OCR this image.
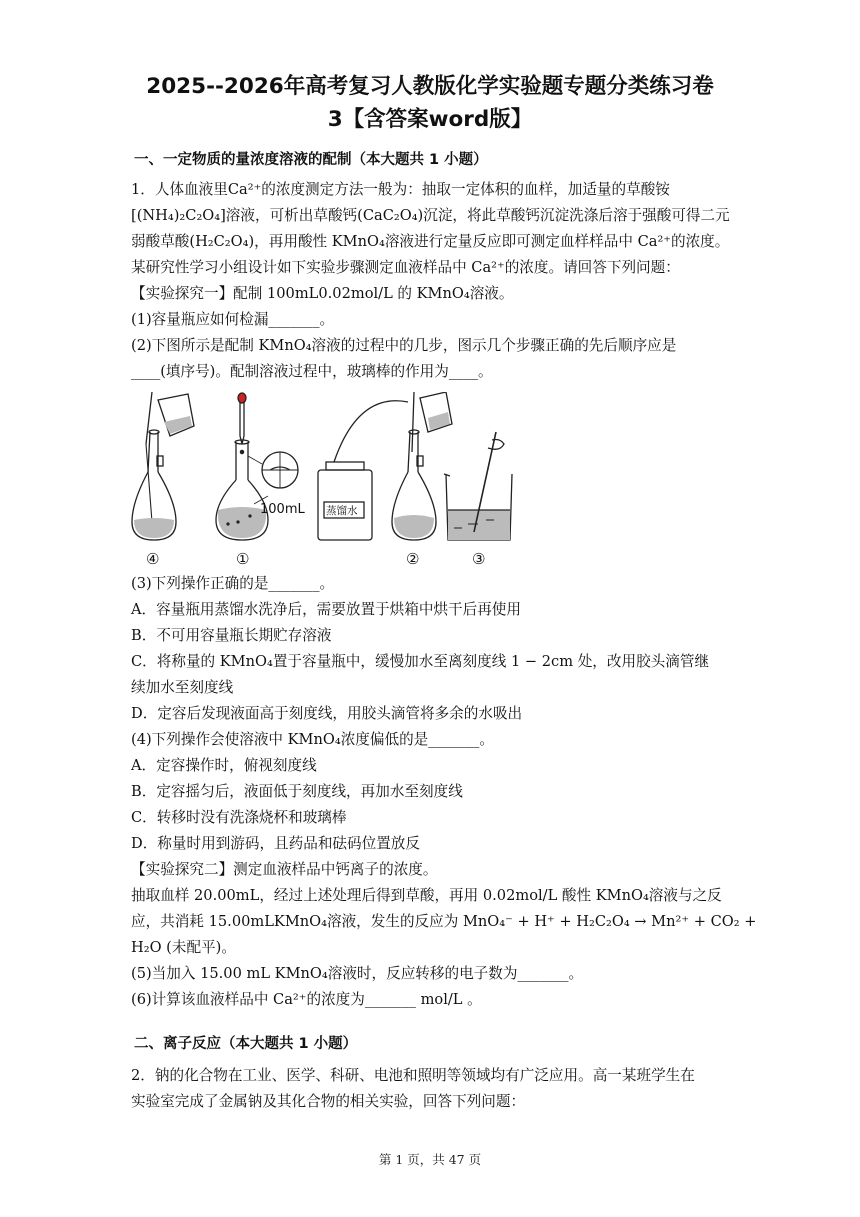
2025--2026年高考复习人教版化学实验题专题分类练习卷
3【含答案word版】
一、一定物质的量浓度溶液的配制（本大题共 1 小题）
1．人体血液里Ca²⁺的浓度测定方法一般为：抽取一定体积的血样，加适量的草酸铵
[(NH₄)₂C₂O₄]溶液，可析出草酸钙(CaC₂O₄)沉淀，将此草酸钙沉淀洗涤后溶于强酸可得二元
弱酸草酸(H₂C₂O₄)，再用酸性 KMnO₄溶液进行定量反应即可测定血样样品中 Ca²⁺的浓度。
某研究性学习小组设计如下实验步骤测定血液样品中 Ca²⁺的浓度。请回答下列问题：
【实验探究一】配制 100mL0.02mol/L 的 KMnO₄溶液。
(1)容量瓶应如何检漏_______。
(2)下图所示是配制 KMnO₄溶液的过程中的几步，图示几个步骤正确的先后顺序应是
____(填序号)。配制溶液过程中，玻璃棒的作用为____。
100mL 蒸馏水
④	①	②	③
(3)下列操作正确的是_______。
A．容量瓶用蒸馏水洗净后，需要放置于烘箱中烘干后再使用
B．不可用容量瓶长期贮存溶液
C．将称量的 KMnO₄置于容量瓶中，缓慢加水至离刻度线 1 − 2cm 处，改用胶头滴管继
续加水至刻度线
D．定容后发现液面高于刻度线，用胶头滴管将多余的水吸出
(4)下列操作会使溶液中 KMnO₄浓度偏低的是_______。
A．定容操作时，俯视刻度线
B．定容摇匀后，液面低于刻度线，再加水至刻度线
C．转移时没有洗涤烧杯和玻璃棒
D．称量时用到游码，且药品和砝码位置放反
【实验探究二】测定血液样品中钙离子的浓度。
抽取血样 20.00mL，经过上述处理后得到草酸，再用 0.02mol/L 酸性 KMnO₄溶液与之反
应，共消耗 15.00mLKMnO₄溶液，发生的反应为 MnO₄⁻ + H⁺ + H₂C₂O₄ → Mn²⁺ + CO₂ +
H₂O (未配平)。
(5)当加入 15.00 mL KMnO₄溶液时，反应转移的电子数为_______。
(6)计算该血液样品中 Ca²⁺的浓度为_______ mol/L 。
二、离子反应（本大题共 1 小题）
2．钠的化合物在工业、医学、科研、电池和照明等领域均有广泛应用。高一某班学生在
实验室完成了金属钠及其化合物的相关实验，回答下列问题：
第 1 页，共 47 页
